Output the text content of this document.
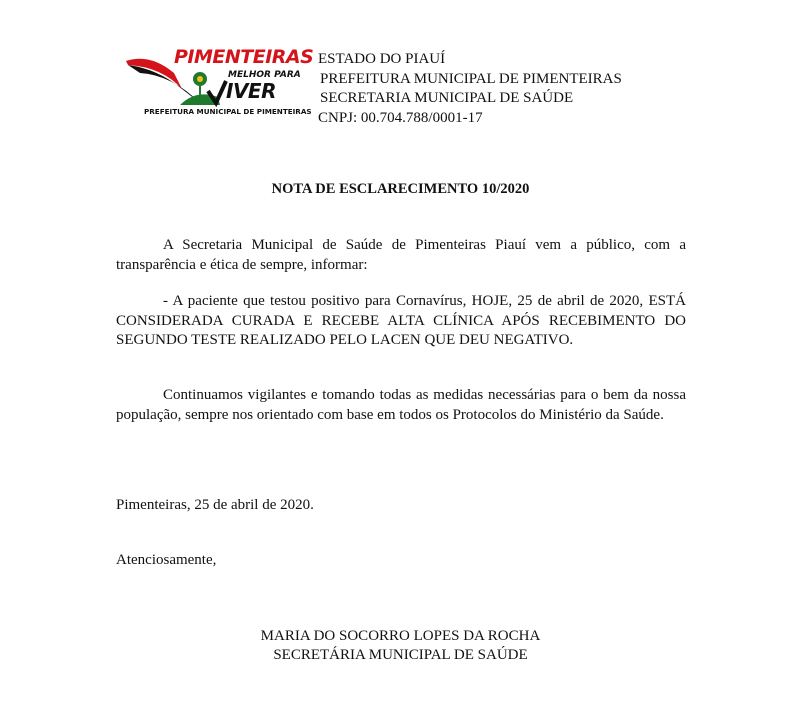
PIMENTEIRAS
MELHOR PARA
IVER
PREFEITURA MUNICIPAL DE PIMENTEIRAS
ESTADO DO PIAUÍ
PREFEITURA MUNICIPAL DE PIMENTEIRAS
SECRETARIA MUNICIPAL DE SAÚDE
CNPJ: 00.704.788/0001-17
NOTA DE ESCLARECIMENTO 10/2020
A Secretaria Municipal de Saúde de Pimenteiras Piauí vem a público, com a transparência e ética de sempre, informar:
- A paciente que testou positivo para Cornavírus, HOJE, 25 de abril de 2020, ESTÁ CONSIDERADA CURADA E RECEBE ALTA CLÍNICA APÓS RECEBIMENTO DO SEGUNDO TESTE REALIZADO PELO LACEN QUE DEU NEGATIVO.
Continuamos vigilantes e tomando todas as medidas necessárias para o bem da nossa população, sempre nos orientado com base em todos os Protocolos do Ministério da Saúde.
Pimenteiras, 25 de abril de 2020.
Atenciosamente,
MARIA DO SOCORRO LOPES DA ROCHA
SECRETÁRIA MUNICIPAL DE SAÚDE
